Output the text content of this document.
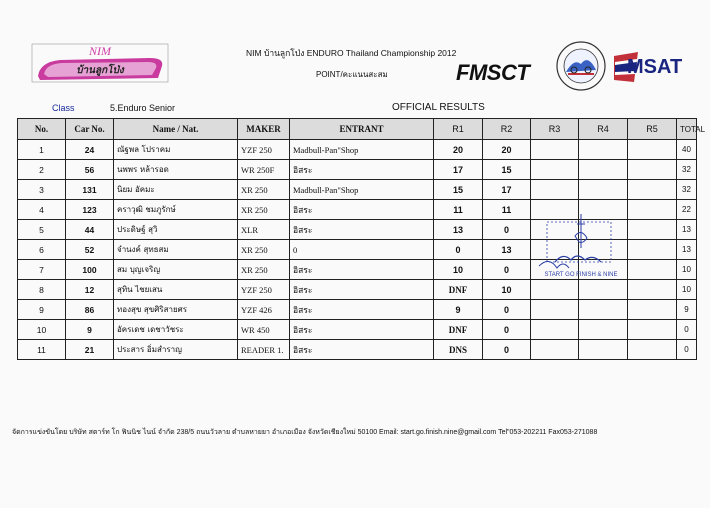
NIM
บ้านลูกโป่ง
NIM บ้านลูกโป่ง ENDURO Thailand Championship 2012
POINT/คะแนนสะสม	FMSCT	MSAT
Class	5.Enduro Senior	OFFICIAL RESULTS
No.	Car No.	Name / Nat.	MAKER	ENTRANT	R1	R2	R3	R4	R5	TOTAL
1	24	ณัฐพล โปราคม	YZF 250	Madbull-Pan"Shop	20	20				40
2	56	นพพร หล้ารอด	WR 250F	อิสระ	17	15				32
3	131	นิยม อัคมะ	XR 250	Madbull-Pan"Shop	15	17				32
4	123	คราวุฒิ ชมภูรักษ์	XR 250	อิสระ	11	11				22
5	44	ประดิษฐ์ สุวิ	XLR	อิสระ	13	0				13
6	52	จำนงค์ สุทธสม	XR 250	0	0	13				13
7	100	สม บุญเจริญ	XR 250	อิสระ	10	0				10
8	12	สุทิน ไชยเสน	YZF 250	อิสระ	DNF	10				10
9	86	ทองสุข สุขศิริสายศร	YZF 426	อิสระ	9	0				9
10	9	อัครเดช เดชาวัชระ	WR 450	อิสระ	DNF	0				0
11	21	ประสาร อิ่มสำราญ	READER 1.	อิสระ	DNS	0				0
START GO FINISH & NINE
จัดการแข่งขันโดย บริษัท สตาร์ท โก ฟินนิช ไนน์ จำกัด 238/5 ถนนวัวลาย ตำบลหายยา อำเภอเมือง จังหวัดเชียงใหม่ 50100 Email: start.go.finish.nine@gmail.com Tel"053-202211 Fax053-271088
